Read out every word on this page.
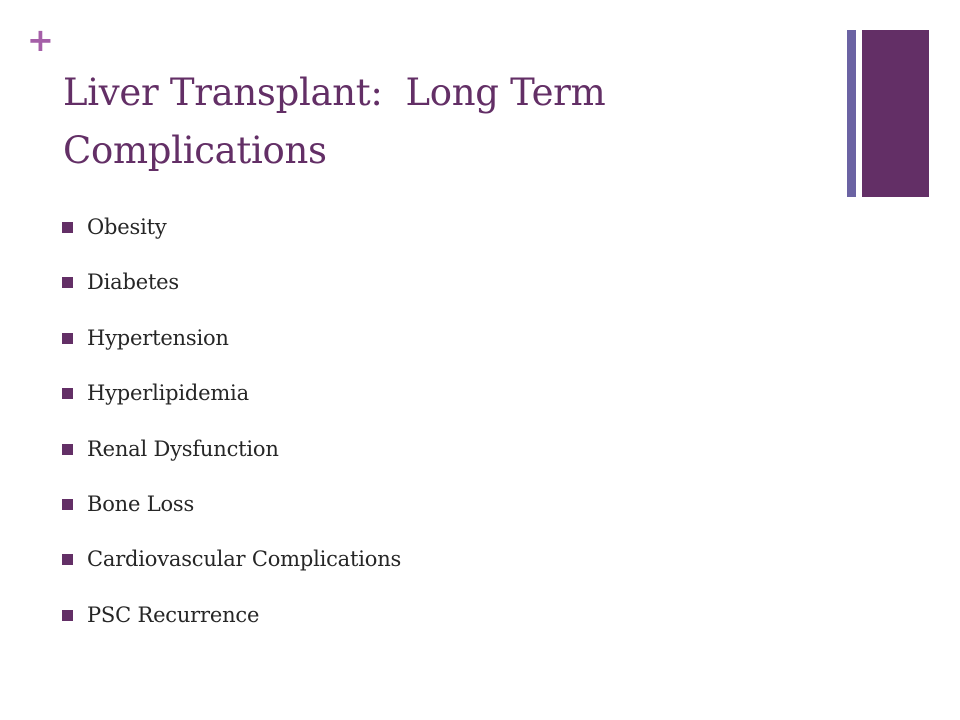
+
Liver Transplant:  Long Term
Complications
Obesity
Diabetes
Hypertension
Hyperlipidemia
Renal Dysfunction
Bone Loss
Cardiovascular Complications
PSC Recurrence
